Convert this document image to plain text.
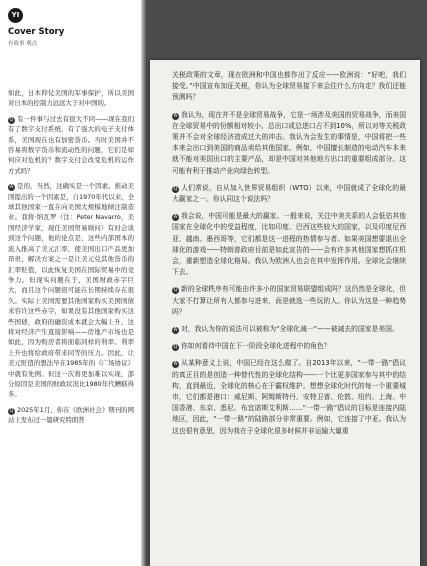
YI
Cover Story
有故事 观点

如此，日本仰仗美国的军事保护，所以美国对日本的控制力远远大于对中国的。

Q 有一件事与过去有很大不同——现在我们有了数字支付系统，有了强大的电子支付体系，美国现在也有加密货币。当时美国并不容易将数字货币和流动性的问题，它们是如何应对危机的？数字支付会改变危机的运作方式吗？

A 是的，当然，这确实是一个因素。推动美国提出的一个因素是，自1970年代以来，全球其他国家一直在向美国大规模地倾注制造业。我将·纳瓦罗（注：Peter Navarro，美国经济学家，现任美国贸易顾问）有时会谈到这个问题，他的论点是，这些内部国本的流入推高了美元汇率，使美国出口产品更加昂贵，解决方案之一是让美元兑其他货币的汇率贬值，以此恢复美国在国际贸易中的竞争力。但现实问题在于，美国财政赤字巨大，而且这个问题很可能在长期持续存在很久。实际上美国需要其他国家购买美国国债来容许这些赤字，如果没有其他国家购买这些国债，政府的融资成本就会大幅上升，这将对经济产生直接影响——房地产市场也是如此，因为购房者将面临同样的利率。利率上升也将给政府带来同等的压力。因此，让美元贬值的想法早在1985年的《广场协议》中就有先例。但这一次将更加难以实现，部分原因是美国的财政状况比1980年代糟糕得多。

Q 2025年1月，你在《欧洲社会》期刊的网站上发布过一篇研究特朗普

关税政策的文章，现在欧洲和中国也都作出了反应——欧洲说：“好吧，我们接受。”中国宣布加征关税，你认为全球贸易接下来会往什么方向走？我们还能预测吗？

A 我认为，现在并不是全球贸易战争，它是一场涉及美国的贸易战争，而美国在全球贸易中的份额相对较小。总出口或总进口占不到10%，所以对等关税政策并不会对全球经济造成过大的冲击。我认为会发生的事情是，中国将把一些本来会出口到美国的商品卖给其他国家。例如，中国擅长制造的电动汽车本来就不能对美国出口的主要产品，却是中国对其他地方出口的重要组成部分。这可能有利于推动产业向绿色转型。

Q 人们常说，自从加入世界贸易组织（WTO）以来，中国就成了全球化的最大赢家之一。你认同这个说法吗？

A 我会说，中国可能是最大的赢家。一般来说，关注中美关系的人会低估其他国家在全球化中的受益程度，比如印度、巴西这些较大的国家，以及印度尼西亚、越南、墨西哥等，它们都是这一进程的热情参与者。如果美国想要退出全球化的游戏——特朗普政府目前是如此宣告的——会有许多其他国家想抓住机会，重新塑造全球化格局。我认为欧洲人也会在其中发挥作用。全球化会继续下去。

Q 新的全球秩序有可能由许多小的国家贸易联盟组成吗？这仍然是全球化，但大家不打算让所有人都参与进来，而是就选一些玩的人。你认为这是一种趋势吗？

A 对，我认为你的说法可以被称为“全球化减一”——被减去的国家是美国。

Q 你如何看待中国在下一阶段全球化进程中的角色？

A 从某种意义上说，中国已经在这么做了。自2013年以来，“一带一路”倡议的真正目的是创造一种替代性的全球化结构——一个比更多国家参与其中的结构，直到最近，全球化的核心在于霸权维护。想想全球化时代的每一个重要城市，它们都是港口：威尼斯、阿姆斯特丹、安特卫普、伦敦、纽约、上海、中国香港、东京、悉尼、布宜诺斯艾利斯……“一带一路”倡议的目标是连接内陆地区，因此，“一带一路”的陆路部分非常重要。例如，它连接了中亚。我认为这也很有意思，因为我在于全球化很多时候并非运输大量重
